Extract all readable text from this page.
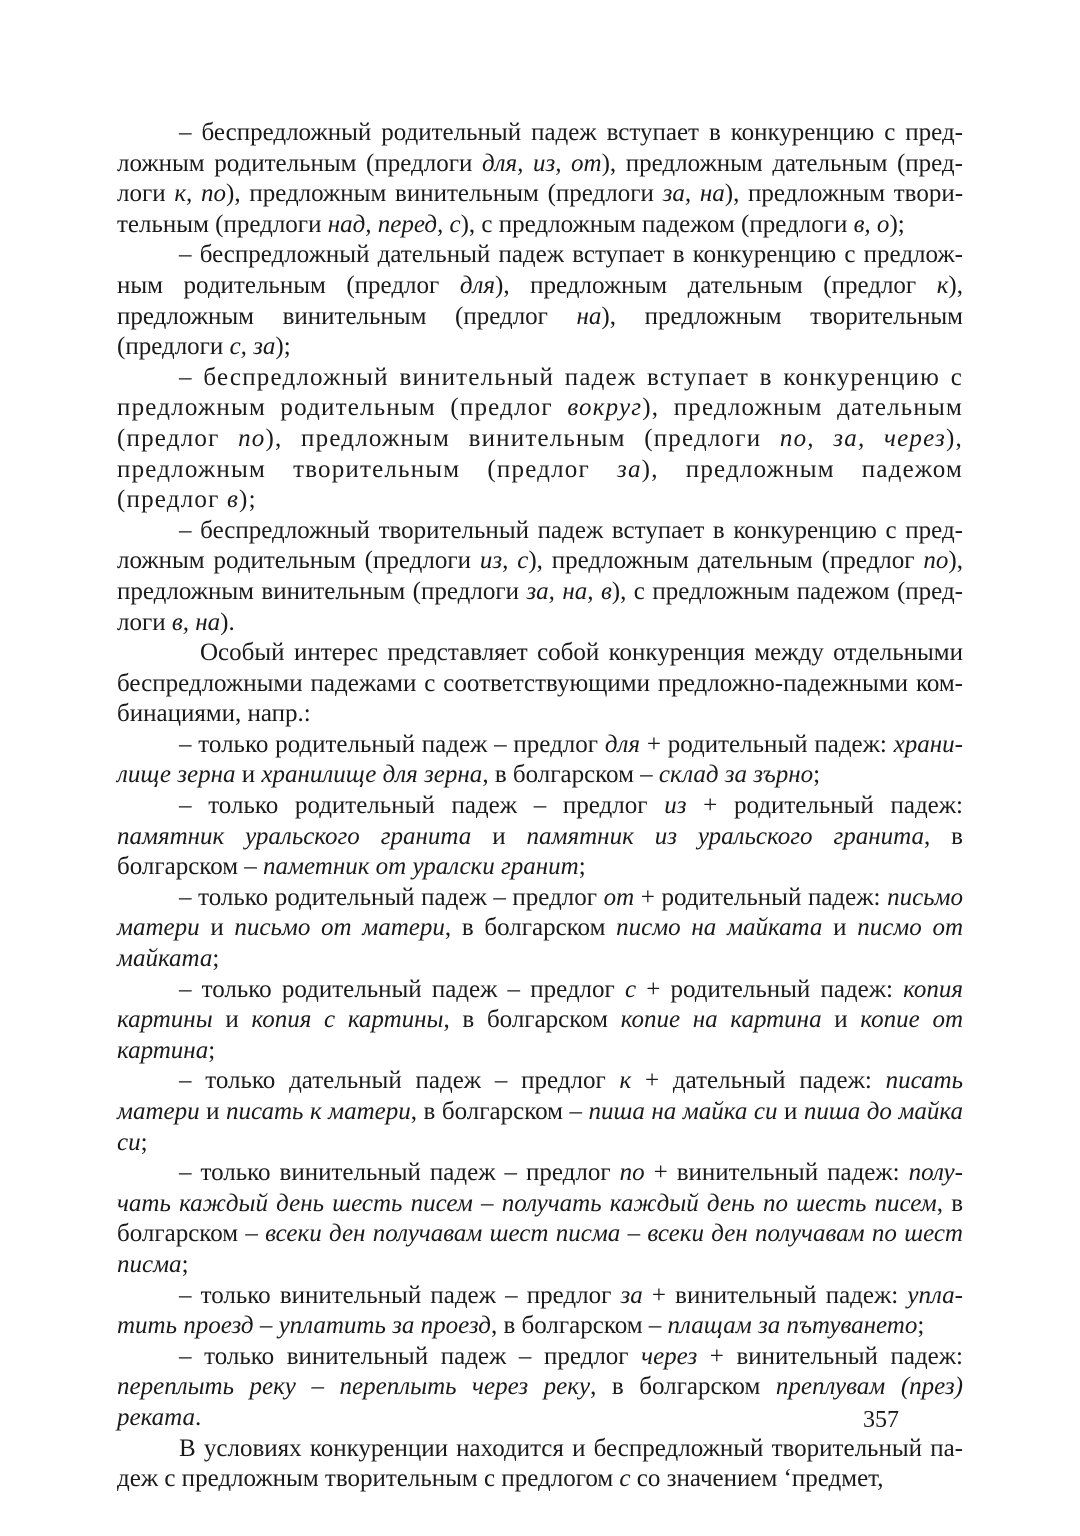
– беспредложный родительный падеж вступает в конкуренцию с предложным родительным (предлоги для, из, от), предложным дательным (предлоги к, по), предложным винительным (предлоги за, на), предложным творительным (предлоги над, перед, с), с предложным падежом (предлоги в, о);

– беспредложный дательный падеж вступает в конкуренцию с предложным родительным (предлог для), предложным дательным (предлог к), предложным винительным (предлог на), предложным творительным (предлоги с, за);

– беспредложный винительный падеж вступает в конкуренцию с предложным родительным (предлог вокруг), предложным дательным (предлог по), предложным винительным (предлоги по, за, через), предложным творительным (предлог за), предложным падежом (предлог в);

– беспредложный творительный падеж вступает в конкуренцию с предложным родительным (предлоги из, с), предложным дательным (предлог по), предложным винительным (предлоги за, на, в), с предложным падежом (предлоги в, на).

Особый интерес представляет собой конкуренция между отдельными беспредложными падежами с соответствующими предложно-падежными комбинациями, напр.:

– только родительный падеж – предлог для + родительный падеж: хранилище зерна и хранилище для зерна, в болгарском – склад за зърно;

– только родительный падеж – предлог из + родительный падеж: памятник уральского гранита и памятник из уральского гранита, в болгарском – паметник от уралски гранит;

– только родительный падеж – предлог от + родительный падеж: письмо матери и письмо от матери, в болгарском писмо на майката и писмо от майката;

– только родительный падеж – предлог с + родительный падеж: копия картины и копия с картины, в болгарском копие на картина и копие от картина;

– только дательный падеж – предлог к + дательный падеж: писать матери и писать к матери, в болгарском – пиша на майка си и пиша до майка си;

– только винительный падеж – предлог по + винительный падеж: получать каждый день шесть писем – получать каждый день по шесть писем, в болгарском – всеки ден получавам шест писма – всеки ден получавам по шест писма;

– только винительный падеж – предлог за + винительный падеж: уплатить проезд – уплатить за проезд, в болгарском – плащам за пътуването;

– только винительный падеж – предлог через + винительный падеж: переплыть реку – переплыть через реку, в болгарском преплувам (през) реката.

В условиях конкуренции находится и беспредложный творительный падеж с предложным творительным с предлогом с со значением ‘предмет,

357
